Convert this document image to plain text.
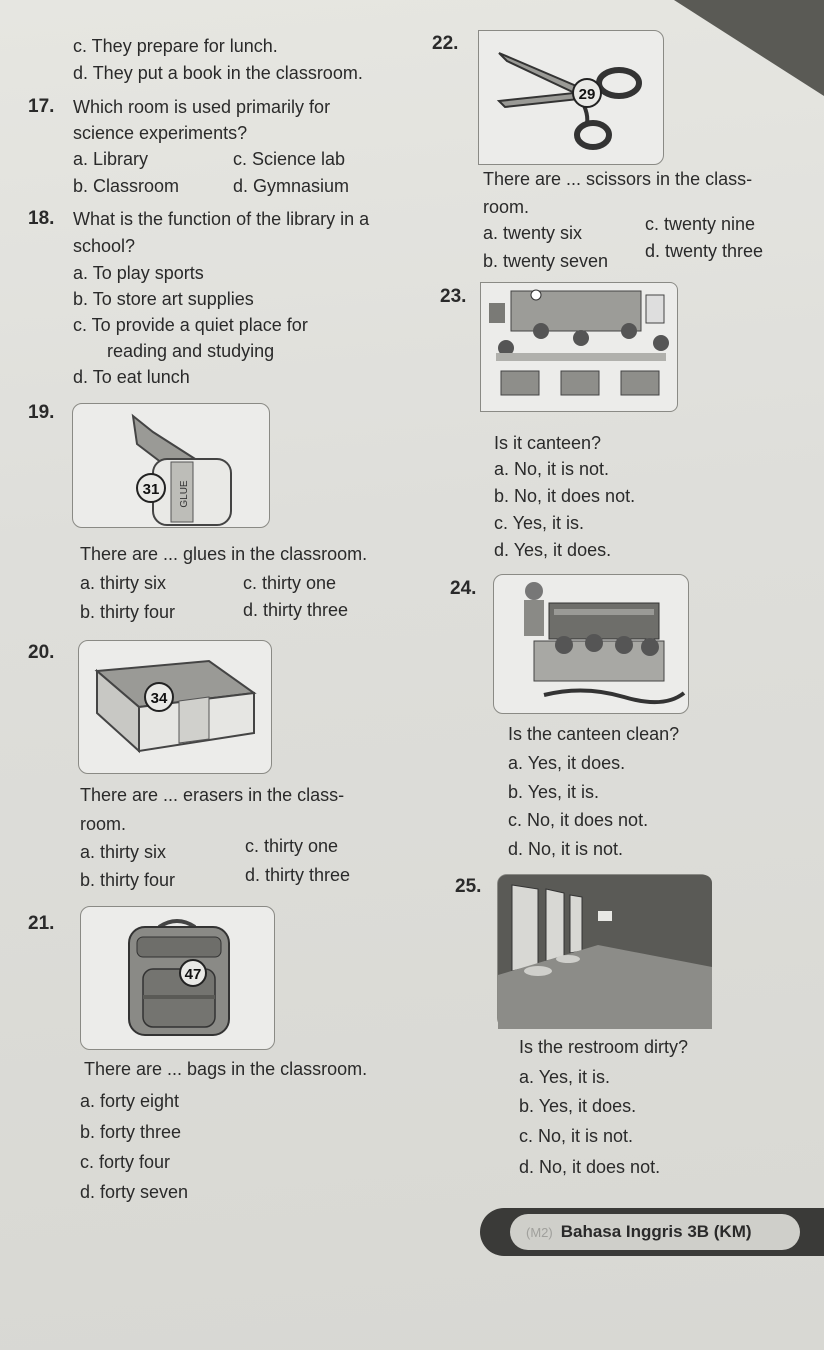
c. They prepare for lunch.
d. They put a book in the classroom.
17. Which room is used primarily for
science experiments?
a. Library	c. Science lab
b. Classroom	d. Gymnasium
18. What is the function of the library in a
school?
a. To play sports
b. To store art supplies
c. To provide a quiet place for
reading and studying
d. To eat lunch
19.
GLUE
31
There are ... glues in the classroom.
a. thirty six	c. thirty one
b. thirty four	d. thirty three
20.
34
There are ... erasers in the class-
room.
a. thirty six	c. thirty one
b. thirty four	d. thirty three
21.
47
There are ... bags in the classroom.
a. forty eight
b. forty three
c. forty four
d. forty seven
22.
29
There are ... scissors in the class-
room.
a. twenty six	c. twenty nine
b. twenty seven d. twenty three
23.
Is it canteen?
a. No, it is not.
b. No, it does not.
c. Yes, it is.
d. Yes, it does.
24.
Is the canteen clean?
a. Yes, it does.
b. Yes, it is.
c. No, it does not.
d. No, it is not.
25.
Is the restroom dirty?
a. Yes, it is.
b. Yes, it does.
c. No, it is not.
d. No, it does not.
(M2) Bahasa Inggris 3B (KM)
